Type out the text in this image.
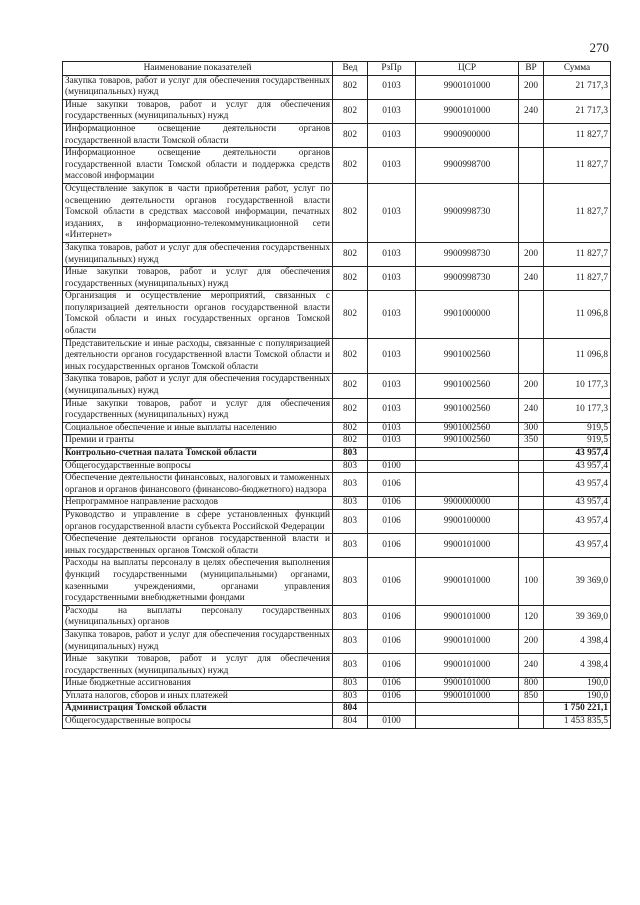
270
Наименование показателей	Вед	РзПр	ЦСР	ВР	Сумма
Закупка товаров, работ и услуг для обеспечения государственных (муниципальных) нужд	802	0103	9900101000	200	21 717,3
Иные закупки товаров, работ и услуг для обеспечения государственных (муниципальных) нужд	802	0103	9900101000	240	21 717,3
Информационное освещение деятельности органов государственной власти Томской области	802	0103	9900900000		11 827,7
Информационное освещение деятельности органов государственной власти Томской области и поддержка средств массовой информации	802	0103	9900998700		11 827,7
Осуществление закупок в части приобретения работ, услуг по освещению деятельности органов государственной власти Томской области в средствах массовой информации, печатных изданиях, в информационно-телекоммуникационной сети «Интернет»	802	0103	9900998730		11 827,7
Закупка товаров, работ и услуг для обеспечения государственных (муниципальных) нужд	802	0103	9900998730	200	11 827,7
Иные закупки товаров, работ и услуг для обеспечения государственных (муниципальных) нужд	802	0103	9900998730	240	11 827,7
Организация и осуществление мероприятий, связанных с популяризацией деятельности органов государственной власти Томской области и иных государственных органов Томской области	802	0103	9901000000		11 096,8
Представительские и иные расходы, связанные с популяризацией деятельности органов государственной власти Томской области и иных государственных органов Томской области	802	0103	9901002560		11 096,8
Закупка товаров, работ и услуг для обеспечения государственных (муниципальных) нужд	802	0103	9901002560	200	10 177,3
Иные закупки товаров, работ и услуг для обеспечения государственных (муниципальных) нужд	802	0103	9901002560	240	10 177,3
Социальное обеспечение и иные выплаты населению	802	0103	9901002560	300	919,5
Премии и гранты	802	0103	9901002560	350	919,5
Контрольно-счетная палата Томской области	803				43 957,4
Общегосударственные вопросы	803	0100			43 957,4
Обеспечение деятельности финансовых, налоговых и таможенных органов и органов финансового (финансово-бюджетного) надзора	803	0106			43 957,4
Непрограммное направление расходов	803	0106	9900000000		43 957,4
Руководство и управление в сфере установленных функций органов государственной власти субъекта Российской Федерации	803	0106	9900100000		43 957,4
Обеспечение деятельности органов государственной власти и иных государственных органов Томской области	803	0106	9900101000		43 957,4
Расходы на выплаты персоналу в целях обеспечения выполнения функций государственными (муниципальными) органами, казенными учреждениями, органами управления государственными внебюджетными фондами	803	0106	9900101000	100	39 369,0
Расходы на выплаты персоналу государственных (муниципальных) органов	803	0106	9900101000	120	39 369,0
Закупка товаров, работ и услуг для обеспечения государственных (муниципальных) нужд	803	0106	9900101000	200	4 398,4
Иные закупки товаров, работ и услуг для обеспечения государственных (муниципальных) нужд	803	0106	9900101000	240	4 398,4
Иные бюджетные ассигнования	803	0106	9900101000	800	190,0
Уплата налогов, сборов и иных платежей	803	0106	9900101000	850	190,0
Администрация Томской области	804				1 750 221,1
Общегосударственные вопросы	804	0100			1 453 835,5
